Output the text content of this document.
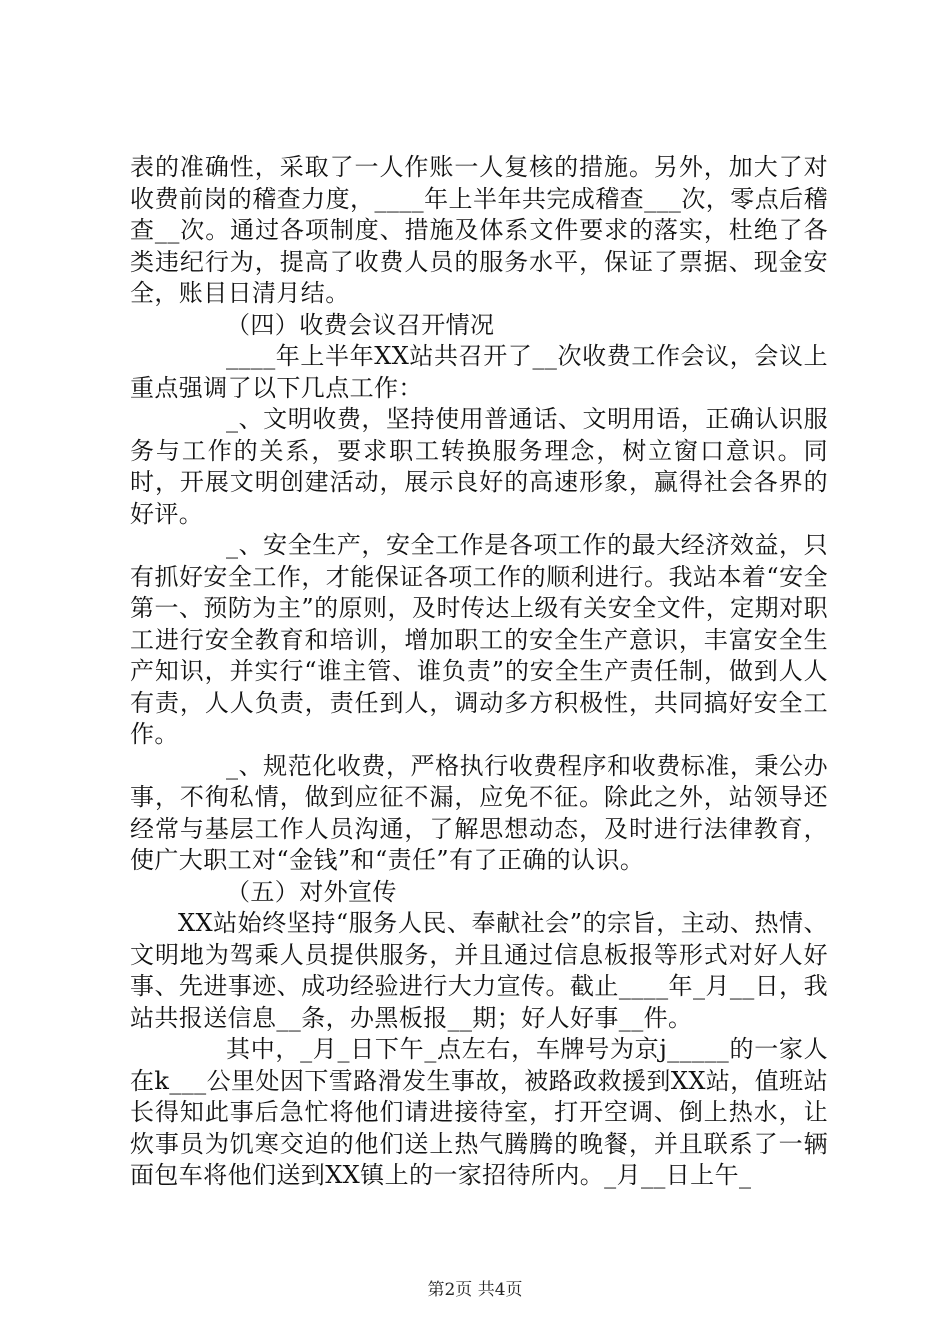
表的准确性，采取了一人作账一人复核的措施。另外，加大了对收费前岗的稽查力度，____年上半年共完成稽查___次，零点后稽查__次。通过各项制度、措施及体系文件要求的落实，杜绝了各类违纪行为，提高了收费人员的服务水平，保证了票据、现金安全，账目日清月结。

（四）收费会议召开情况

____年上半年XX站共召开了__次收费工作会议，会议上重点强调了以下几点工作：

_、文明收费，坚持使用普通话、文明用语，正确认识服务与工作的关系，要求职工转换服务理念，树立窗口意识。同时，开展文明创建活动，展示良好的高速形象，赢得社会各界的好评。

_、安全生产，安全工作是各项工作的最大经济效益，只有抓好安全工作，才能保证各项工作的顺利进行。我站本着“安全第一、预防为主”的原则，及时传达上级有关安全文件，定期对职工进行安全教育和培训，增加职工的安全生产意识，丰富安全生产知识，并实行“谁主管、谁负责”的安全生产责任制，做到人人有责，人人负责，责任到人，调动多方积极性，共同搞好安全工作。

_、规范化收费，严格执行收费程序和收费标准，秉公办事，不徇私情，做到应征不漏，应免不征。除此之外，站领导还经常与基层工作人员沟通，了解思想动态，及时进行法律教育，使广大职工对“金钱”和“责任”有了正确的认识。

（五）对外宣传

XX站始终坚持“服务人民、奉献社会”的宗旨，主动、热情、文明地为驾乘人员提供服务，并且通过信息板报等形式对好人好事、先进事迹、成功经验进行大力宣传。截止____年_月__日，我站共报送信息__条，办黑板报__期；好人好事__件。

其中，_月_日下午_点左右，车牌号为京j_____的一家人在k___公里处因下雪路滑发生事故，被路政救援到XX站，值班站长得知此事后急忙将他们请进接待室，打开空调、倒上热水，让炊事员为饥寒交迫的他们送上热气腾腾的晚餐，并且联系了一辆面包车将他们送到XX镇上的一家招待所内。_月__日上午_

第2页 共4页
